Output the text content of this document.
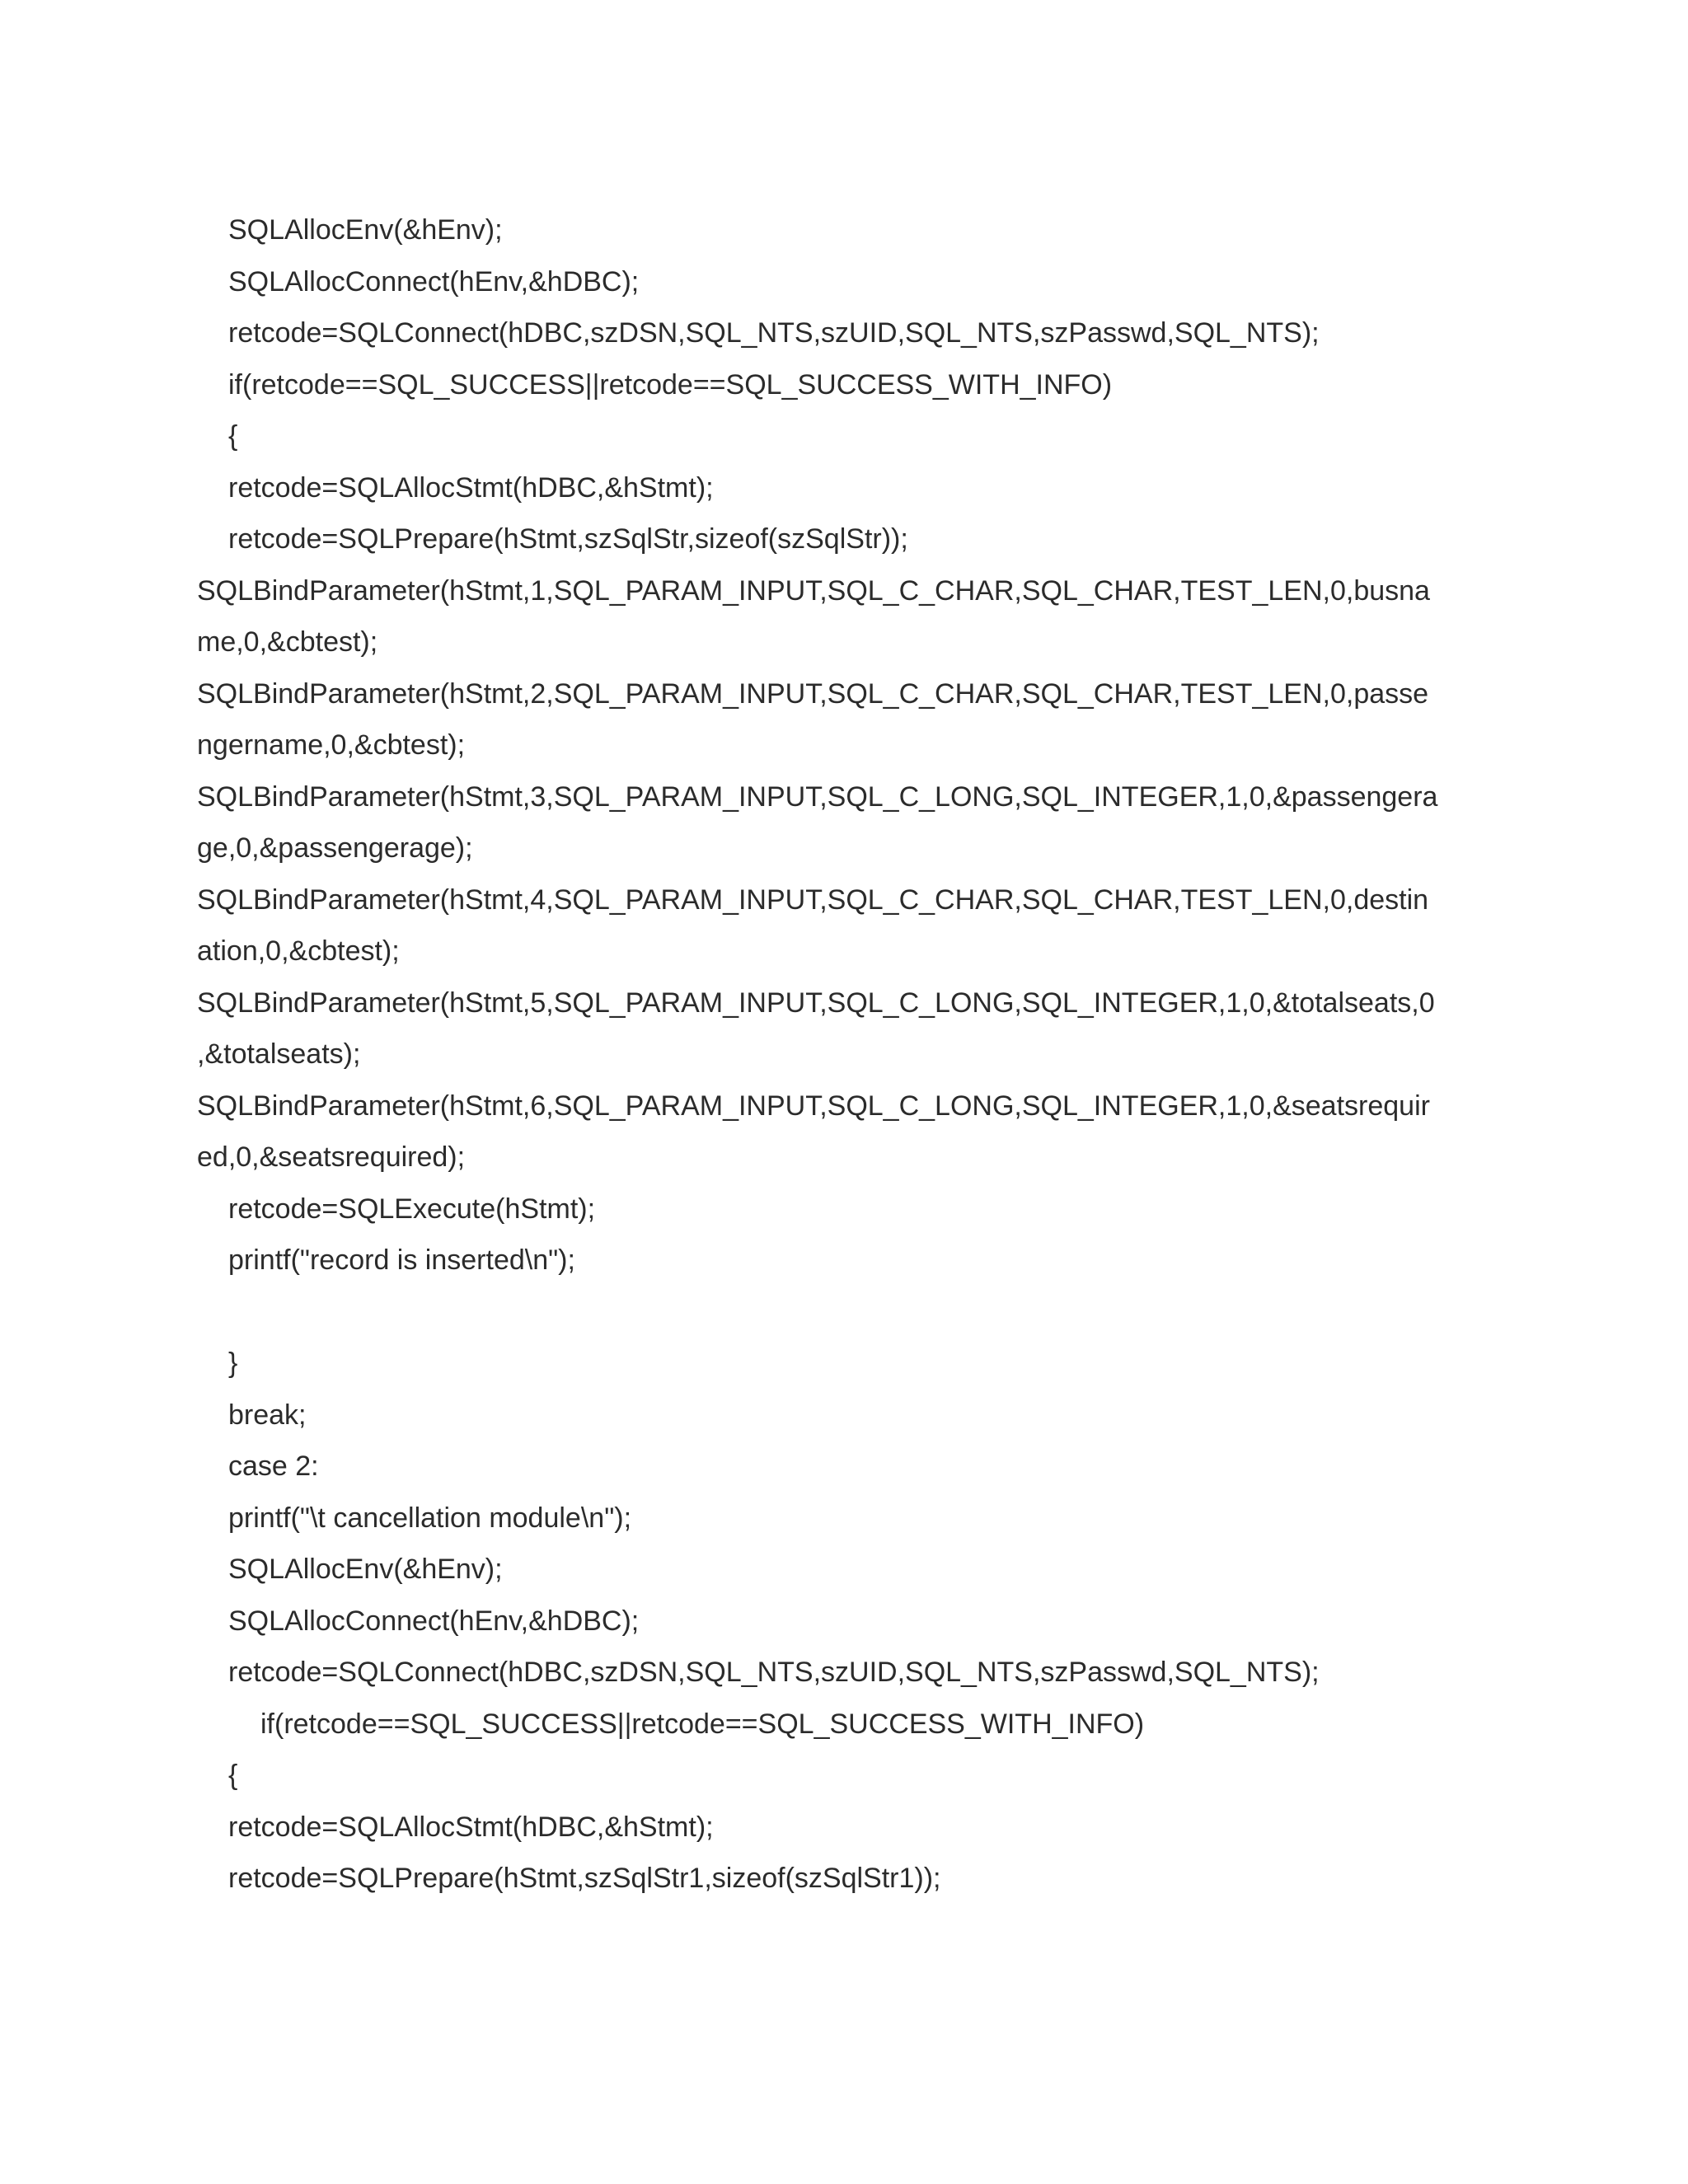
SQLAllocEnv(&hEnv);
SQLAllocConnect(hEnv,&hDBC);
retcode=SQLConnect(hDBC,szDSN,SQL_NTS,szUID,SQL_NTS,szPasswd,SQL_NTS);
if(retcode==SQL_SUCCESS||retcode==SQL_SUCCESS_WITH_INFO)
{
retcode=SQLAllocStmt(hDBC,&hStmt);
retcode=SQLPrepare(hStmt,szSqlStr,sizeof(szSqlStr));
SQLBindParameter(hStmt,1,SQL_PARAM_INPUT,SQL_C_CHAR,SQL_CHAR,TEST_LEN,0,busna
me,0,&cbtest);
SQLBindParameter(hStmt,2,SQL_PARAM_INPUT,SQL_C_CHAR,SQL_CHAR,TEST_LEN,0,passe
ngername,0,&cbtest);
SQLBindParameter(hStmt,3,SQL_PARAM_INPUT,SQL_C_LONG,SQL_INTEGER,1,0,&passengera
ge,0,&passengerage);
SQLBindParameter(hStmt,4,SQL_PARAM_INPUT,SQL_C_CHAR,SQL_CHAR,TEST_LEN,0,destin
ation,0,&cbtest);
SQLBindParameter(hStmt,5,SQL_PARAM_INPUT,SQL_C_LONG,SQL_INTEGER,1,0,&totalseats,0
,&totalseats);
SQLBindParameter(hStmt,6,SQL_PARAM_INPUT,SQL_C_LONG,SQL_INTEGER,1,0,&seatsrequir
ed,0,&seatsrequired);
retcode=SQLExecute(hStmt);
printf("record is inserted\n");
}
break;
case 2:
printf("\t cancellation module\n");
SQLAllocEnv(&hEnv);
SQLAllocConnect(hEnv,&hDBC);
retcode=SQLConnect(hDBC,szDSN,SQL_NTS,szUID,SQL_NTS,szPasswd,SQL_NTS);
if(retcode==SQL_SUCCESS||retcode==SQL_SUCCESS_WITH_INFO)
{
retcode=SQLAllocStmt(hDBC,&hStmt);
retcode=SQLPrepare(hStmt,szSqlStr1,sizeof(szSqlStr1));
